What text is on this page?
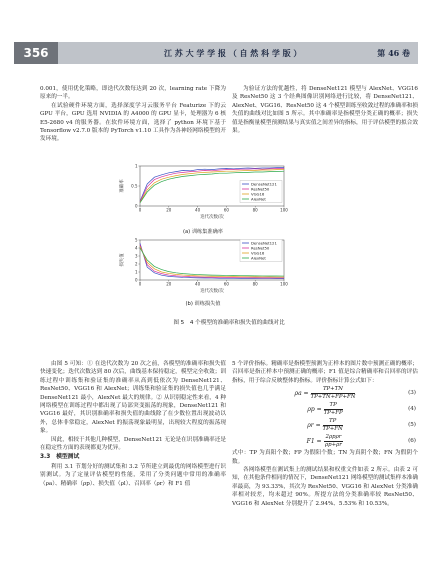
356	江 苏 大 学 学 报 （ 自 然 科 学 版 ）	第 46 卷

0.001，使用优化策略，即迭代次数每达到 20 次，learning rate 下降为原来的一半。

在试验硬件环境方面，选择深度学习云服务平台 Featurize 下的云 GPU 平台，GPU 选用 NVIDIA 的 A4000 的 GPU 显卡，处理器为 6 核 E5-2680 v4 的服务器。在软件环境方面，选择了 python 环境下基于 Tensorflow v2.7.0 版本的 PyTorch v1.10 工具作为各神经网络模型的开发环境。

为验证方法的优越性，将 DenseNet121 模型与 AlexNet、VGG16 及 ResNet50 这 3 个经典图像识别网络进行比较，将 DenseNet121、AlexNet、VGG16、ResNet50 这 4 个模型训练至收敛过程的准确率和损失值的曲线对比如图 5 所示。其中准确率是指模型分类正确的概率；损失值是指衡量模型预测结果与真实值之间差异的指标，用于评估模型的拟合效果。

0
0.5
1
0	20	40	60	80	100
迭代次数/次
准确率	DenseNet121
ResNet50
VGG16
AlexNet
(a) 训练集准确率
0
1
2
3
4
5
0	20	40	60	80	100
迭代次数/次
损失值
DenseNet121
ResNet50
VGG16
AlexNet
(b) 训练损失值
图 5　4 个模型的准确率和损失值的曲线对比

由图 5 可知：① 在迭代次数为 20 次之前，各模型的准确率和损失值快速变化；迭代次数达到 80 次后，曲线基本保持稳定，模型完全收敛；训练过程中训练集和验证集的准确率从高到低依次为 DenseNet121、ResNet50、VGG16 和 AlexNet；训练集和验证集的损失值也几乎满足 DenseNet121 最小，AlexNet 最大的规律。② 从识别稳定性来看，4 种网络模型在训练过程中都出现了局部突变振荡的现象，DenseNet121 和 VGG16 最好，其识别准确率和损失值的曲线除了在少数位置出现波动以外，总体非常稳定，AlexNet 的振荡现象最明显，出现较大程度的振荡现象。

因此，相较于其他几种模型，DenseNet121 无论是在识别准确率还是在稳定性方面的表现都更为优异。

3.3　模型测试

利用 3.1 节划分好的测试集和 3.2 节所建立到最优的网络模型进行识别测试。为了定量评估模型的性能，采用了分类问题中常用的准确率（ρa）、精确率（ρp）、损失值（ρl）、召回率（ρr）和 F1 值

5 个评价指标。精确率是指模型预测为正样本的图片数中预测正确的概率；召回率是指正样本中预测正确的概率；F1 值是综合精确率和召回率的评估指标，用于综合反映整体的指标。评价指标计算公式如下：

$\rho a = \frac{TP+TN}{TP+TN+FP+FN}$	(3)
$\rho p = \frac{TP}{TP+FP}$	(4)
$\rho r = \frac{TP}{TP+FN}$	(5)
$F1 = \frac{\text{2ρpρr}}{\rho p+\rho r}$	(6)

式中：TP 为真阳个数；FP 为假阳个数；TN 为真阴个数；FN 为假阴个数。

各网络模型在测试集上的测试结果和权重文件如表 2 所示。由表 2 可知，在其他条件相同的情况下，DenseNet121 网络模型的测试集样本准确率最高，为 93.33%，其次为 ResNet50、VGG16 和 AlexNet 分类准确率相对较差，均未超过 90%。所提方法的分类准确率较 ResNet50、VGG16 和 AlexNet 分别提升了 2.94%、5.53% 和 10.53%。
